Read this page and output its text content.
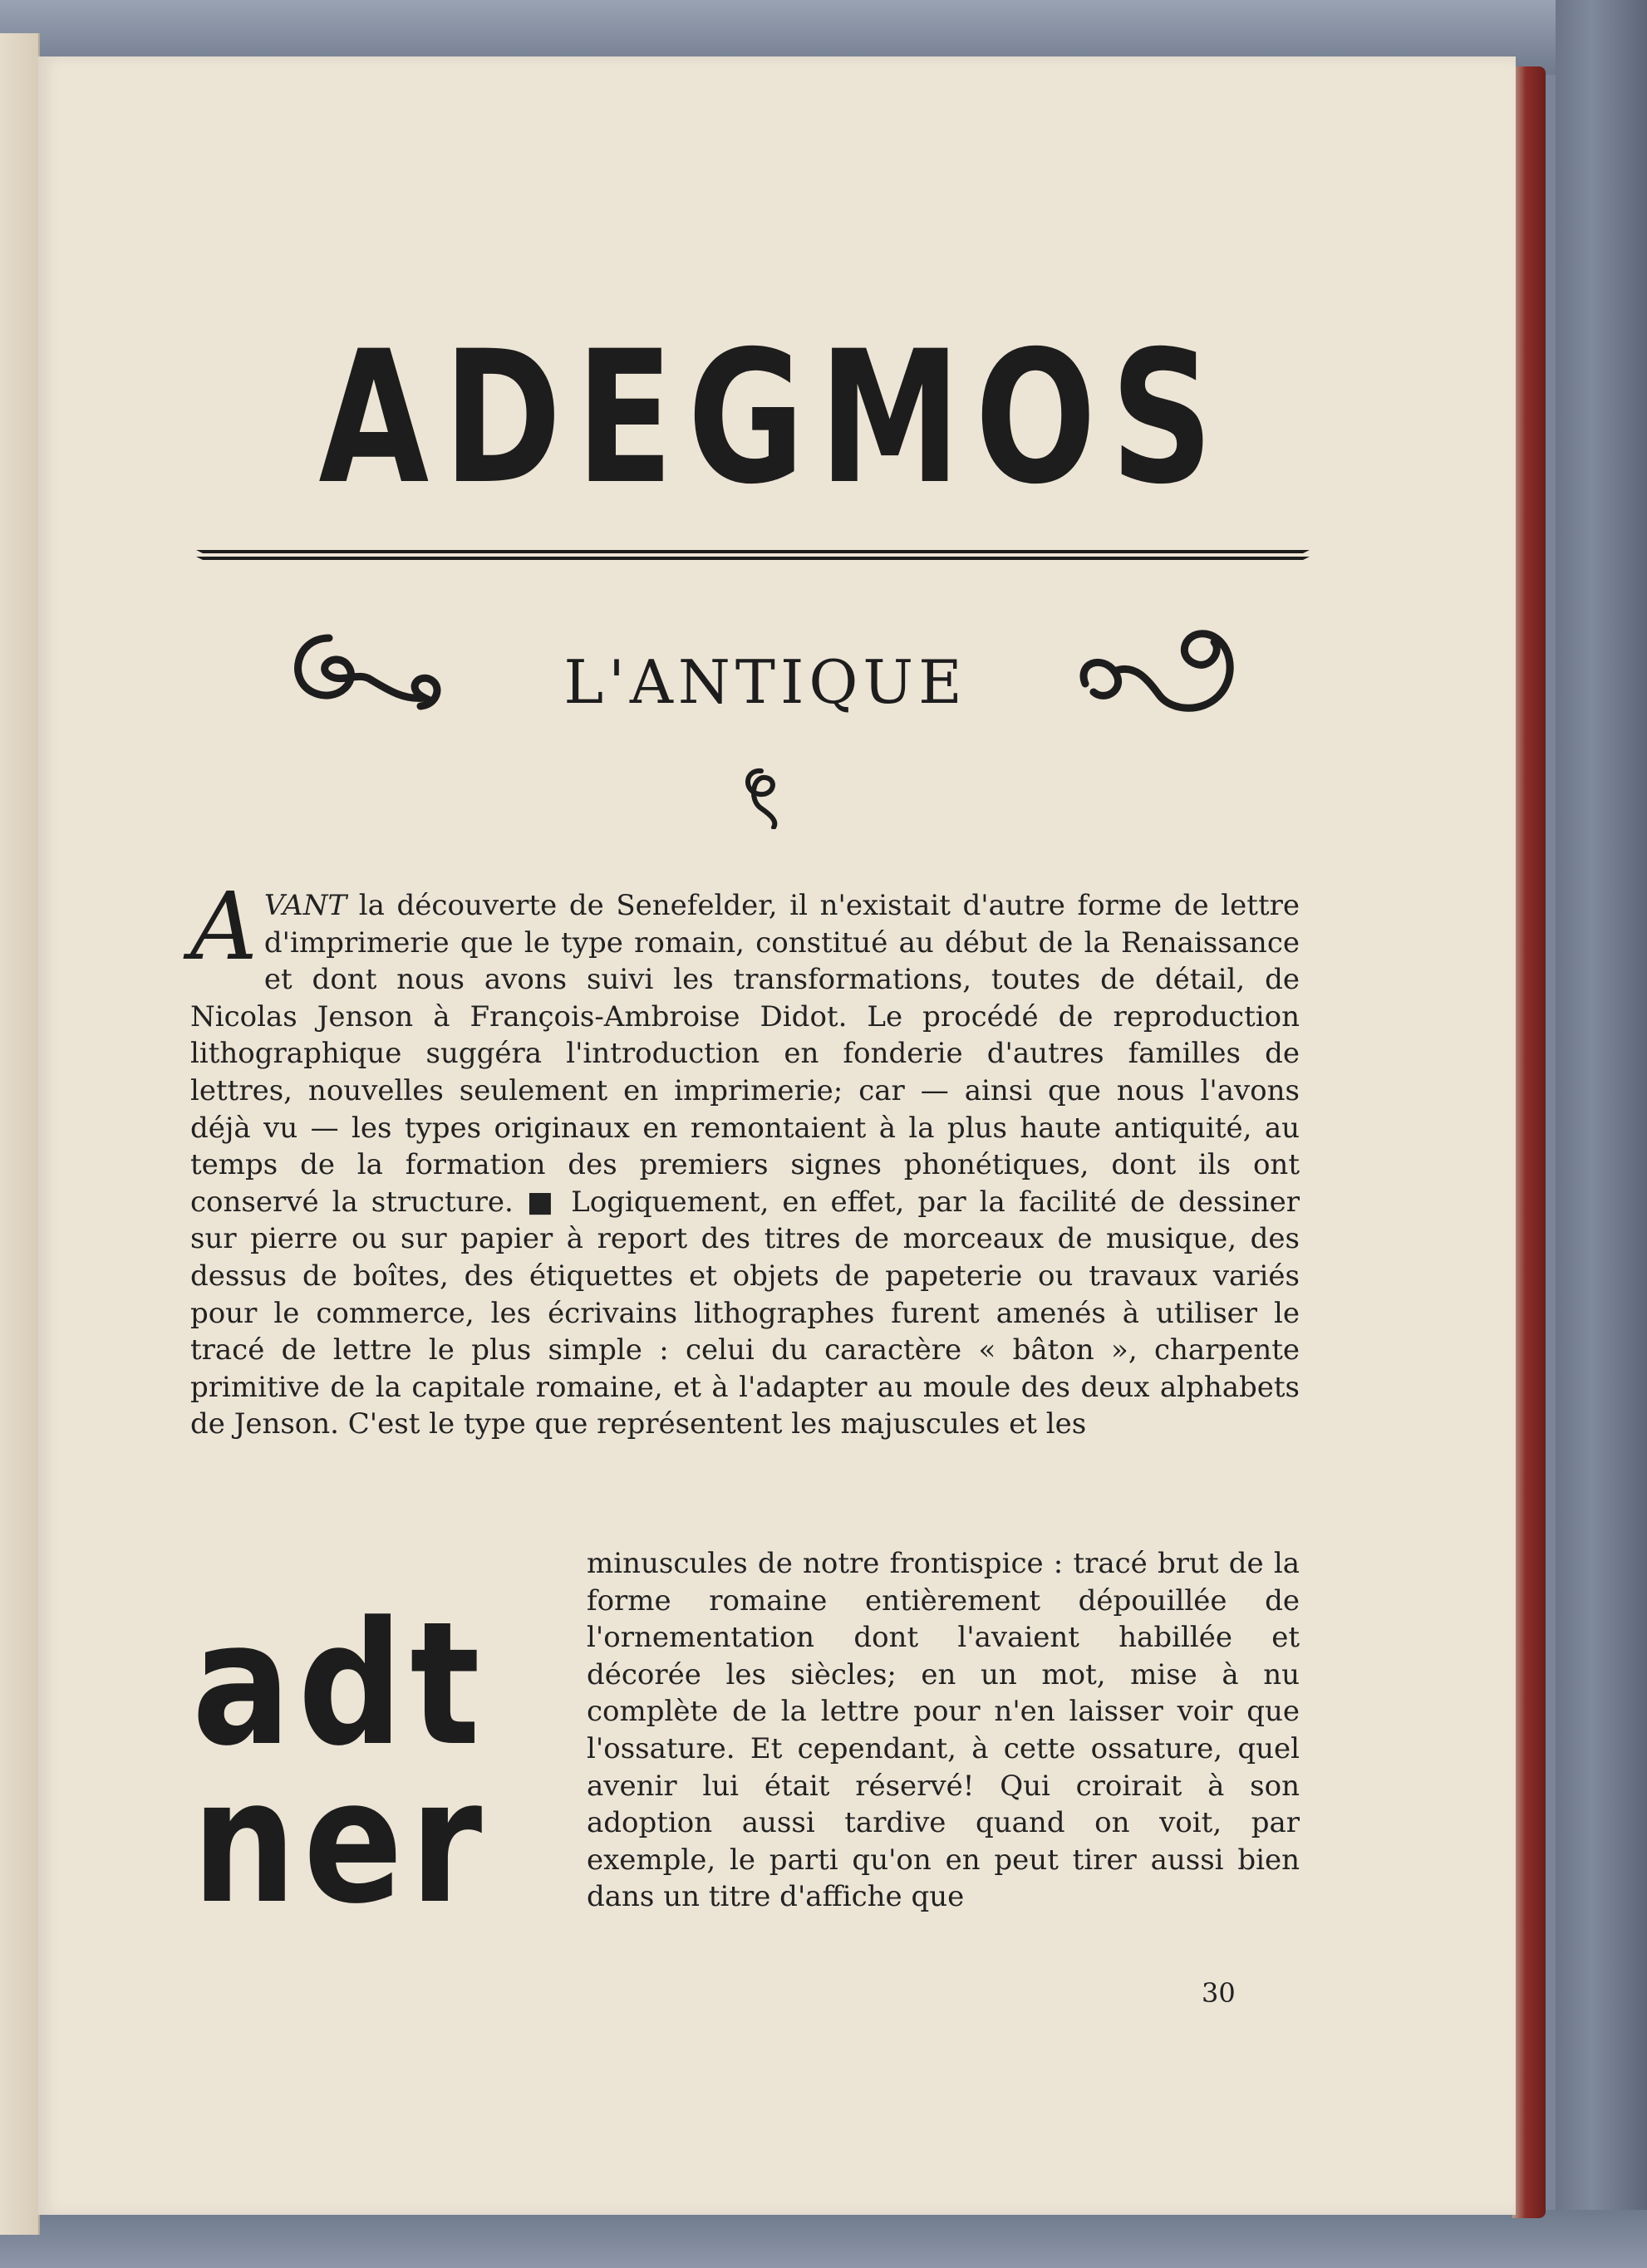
ADEGMOS
L'ANTIQUE
A VANT la découverte de Senefelder, il n'existait d'autre forme de lettre d'imprimerie que le type romain, constitué au début de la Renaissance et dont nous avons suivi les transformations, toutes de détail, de Nicolas Jenson à François-Ambroise Didot. Le procédé de reproduction lithographique suggéra l'introduction en fonderie d'autres familles de lettres, nouvelles seulement en imprimerie; car — ainsi que nous l'avons déjà vu — les types originaux en remontaient à la plus haute antiquité, au temps de la formation des premiers signes phonétiques, dont ils ont conservé la structure. ■ Logiquement, en effet, par la facilité de dessiner sur pierre ou sur papier à report des titres de morceaux de musique, des dessus de boîtes, des étiquettes et objets de papeterie ou travaux variés pour le commerce, les écrivains lithographes furent amenés à utiliser le tracé de lettre le plus simple : celui du caractère « bâton », charpente primitive de la capitale romaine, et à l'adapter au moule des deux alphabets de Jenson. C'est le type que représentent les majuscules et les
adt
ner
minuscules de notre frontispice : tracé brut de la forme romaine entièrement dépouillée de l'ornementation dont l'avaient habillée et décorée les siècles; en un mot, mise à nu complète de la lettre pour n'en laisser voir que l'ossature. Et cependant, à cette ossature, quel avenir lui était réservé! Qui croirait à son adoption aussi tardive quand on voit, par exemple, le parti qu'on en peut tirer aussi bien dans un titre d'affiche que
30
